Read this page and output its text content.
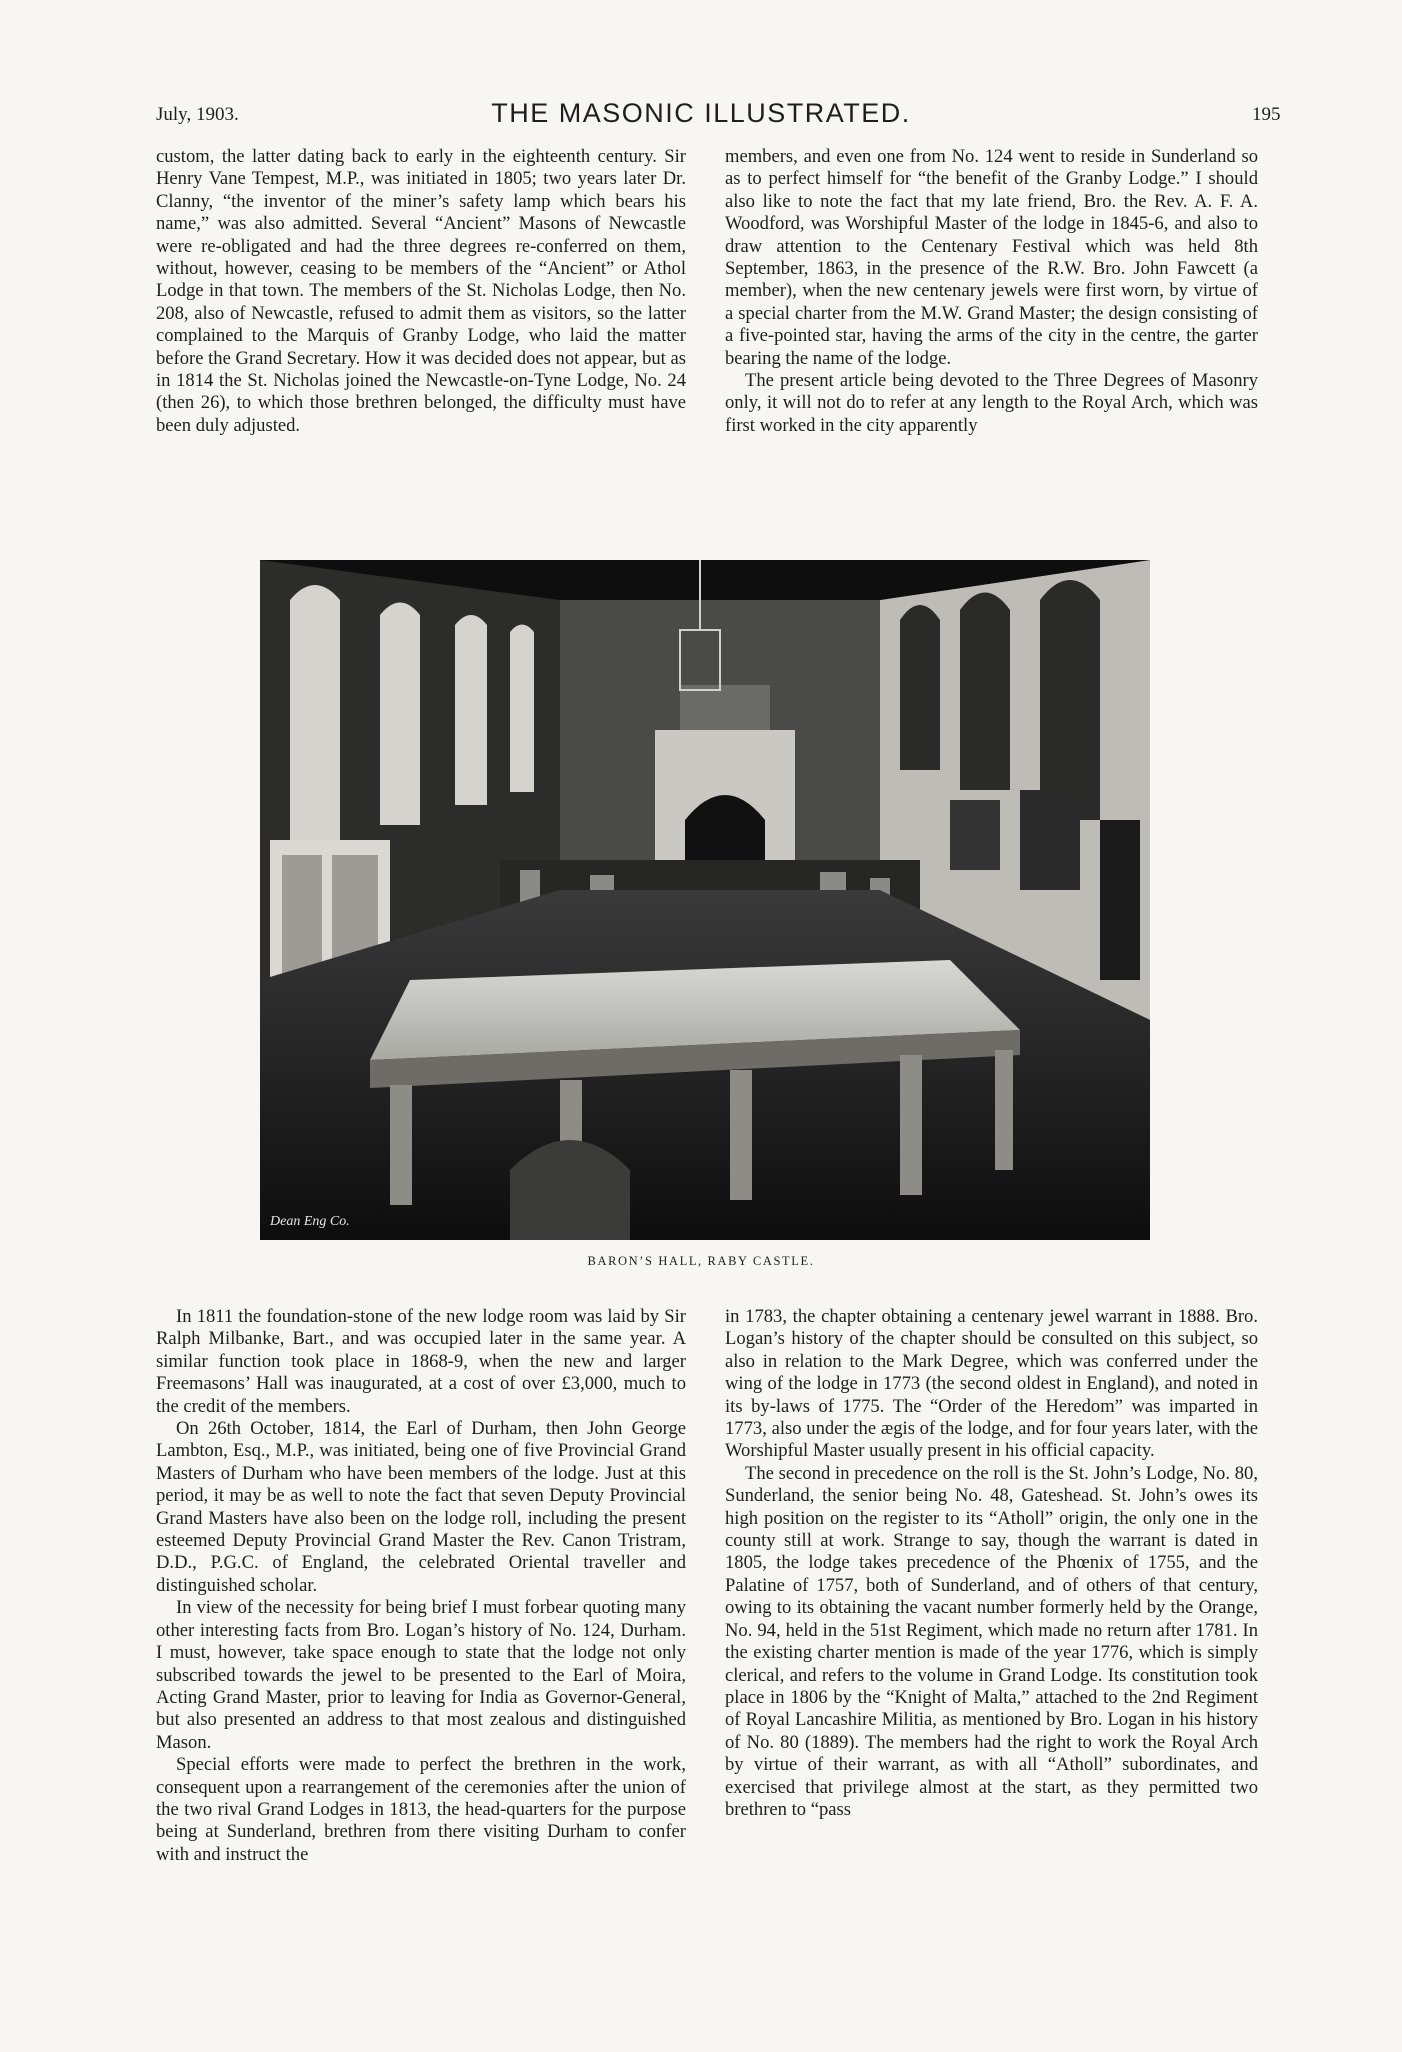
July, 1903.	THE MASONIC ILLUSTRATED.	195

custom, the latter dating back to early in the eighteenth century. Sir Henry Vane Tempest, M.P., was initiated in 1805; two years later Dr. Clanny, “the inventor of the miner’s safety lamp which bears his name,” was also admitted. Several “Ancient” Masons of Newcastle were re-obligated and had the three degrees re-conferred on them, without, however, ceasing to be members of the “Ancient” or Athol Lodge in that town. The members of the St. Nicholas Lodge, then No. 208, also of Newcastle, refused to admit them as visitors, so the latter complained to the Marquis of Granby Lodge, who laid the matter before the Grand Secretary. How it was decided does not appear, but as in 1814 the St. Nicholas joined the Newcastle-on-Tyne Lodge, No. 24 (then 26), to which those brethren belonged, the difficulty must have been duly adjusted.

members, and even one from No. 124 went to reside in Sunderland so as to perfect himself for “the benefit of the Granby Lodge.” I should also like to note the fact that my late friend, Bro. the Rev. A. F. A. Woodford, was Worshipful Master of the lodge in 1845-6, and also to draw attention to the Centenary Festival which was held 8th September, 1863, in the presence of the R.W. Bro. John Fawcett (a member), when the new centenary jewels were first worn, by virtue of a special charter from the M.W. Grand Master; the design consisting of a five-pointed star, having the arms of the city in the centre, the garter bearing the name of the lodge.

The present article being devoted to the Three Degrees of Masonry only, it will not do to refer at any length to the Royal Arch, which was first worked in the city apparently

Dean Eng Co.
BARON’S HALL, RABY CASTLE.

In 1811 the foundation-stone of the new lodge room was laid by Sir Ralph Milbanke, Bart., and was occupied later in the same year. A similar function took place in 1868-9, when the new and larger Freemasons’ Hall was inaugurated, at a cost of over £3,000, much to the credit of the members.

On 26th October, 1814, the Earl of Durham, then John George Lambton, Esq., M.P., was initiated, being one of five Provincial Grand Masters of Durham who have been members of the lodge. Just at this period, it may be as well to note the fact that seven Deputy Provincial Grand Masters have also been on the lodge roll, including the present esteemed Deputy Provincial Grand Master the Rev. Canon Tristram, D.D., P.G.C. of England, the celebrated Oriental traveller and distinguished scholar.

In view of the necessity for being brief I must forbear quoting many other interesting facts from Bro. Logan’s history of No. 124, Durham. I must, however, take space enough to state that the lodge not only subscribed towards the jewel to be presented to the Earl of Moira, Acting Grand Master, prior to leaving for India as Governor-General, but also presented an address to that most zealous and distinguished Mason.

Special efforts were made to perfect the brethren in the work, consequent upon a rearrangement of the ceremonies after the union of the two rival Grand Lodges in 1813, the head-quarters for the purpose being at Sunderland, brethren from there visiting Durham to confer with and instruct the

in 1783, the chapter obtaining a centenary jewel warrant in 1888. Bro. Logan’s history of the chapter should be consulted on this subject, so also in relation to the Mark Degree, which was conferred under the wing of the lodge in 1773 (the second oldest in England), and noted in its by-laws of 1775. The “Order of the Heredom” was imparted in 1773, also under the ægis of the lodge, and for four years later, with the Worshipful Master usually present in his official capacity.

The second in precedence on the roll is the St. John’s Lodge, No. 80, Sunderland, the senior being No. 48, Gateshead. St. John’s owes its high position on the register to its “Atholl” origin, the only one in the county still at work. Strange to say, though the warrant is dated in 1805, the lodge takes precedence of the Phœnix of 1755, and the Palatine of 1757, both of Sunderland, and of others of that century, owing to its obtaining the vacant number formerly held by the Orange, No. 94, held in the 51st Regiment, which made no return after 1781. In the existing charter mention is made of the year 1776, which is simply clerical, and refers to the volume in Grand Lodge. Its constitution took place in 1806 by the “Knight of Malta,” attached to the 2nd Regiment of Royal Lancashire Militia, as mentioned by Bro. Logan in his history of No. 80 (1889). The members had the right to work the Royal Arch by virtue of their warrant, as with all “Atholl” subordinates, and exercised that privilege almost at the start, as they permitted two brethren to “pass
